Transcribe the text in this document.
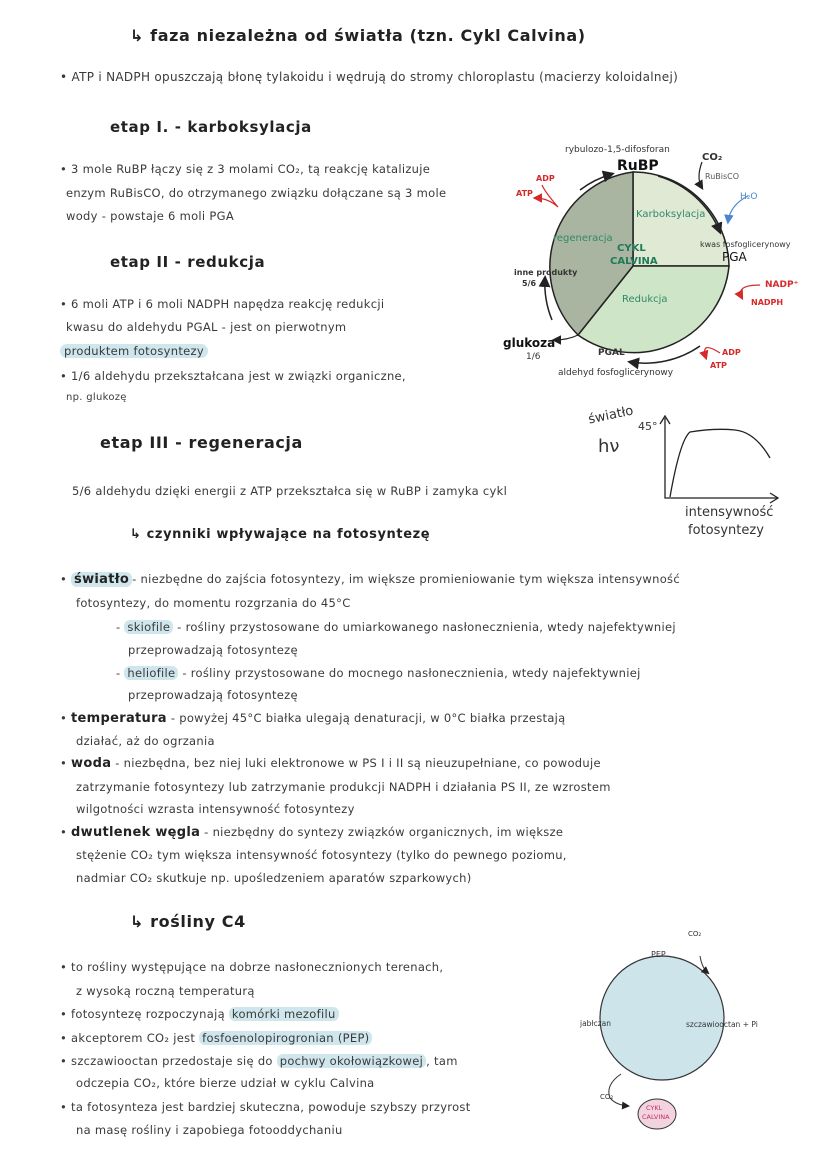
↳ faza niezależna od światła (tzn. Cykl Calvina)
• ATP i NADPH opuszczają błonę tylakoidu i wędrują do stromy chloroplastu (macierzy koloidalnej)
etap I. - karboksylacja
• 3 mole RuBP łączy się z 3 molami CO₂, tą reakcję katalizuje
enzym RuBisCO, do otrzymanego związku dołączane są 3 mole
wody - powstaje 6 moli PGA
etap II - redukcja
• 6 moli ATP i 6 moli NADPH napędza reakcję redukcji
kwasu do aldehydu PGAL - jest on pierwotnym
produktem fotosyntezy
• 1/6 aldehydu przekształcana jest w związki organiczne,
np. glukozę
etap III - regeneracja
5/6 aldehydu dzięki energii z ATP przekształca się w RuBP i zamyka cykl
rybulozo-1,5-difosforan
RuBP
CO₂
RuBisCO
H₂O
ADP
ATP
Karboksylacja
regeneracja
CYKL
CALVINA
kwas fosfoglicerynowy
PGA
NADP⁺
NADPH
inne produkty
5/6
Redukcja
glukoza
1/6	PGAL	ADP
ATP
aldehyd fosfoglicerynowy
światło
hν
45°
intensywność
fotosyntezy
↳ czynniki wpływające na fotosyntezę
• światło - niezbędne do zajścia fotosyntezy, im większe promieniowanie tym większa intensywność
fotosyntezy, do momentu rozgrzania do 45°C
- skiofile - rośliny przystosowane do umiarkowanego nasłonecznienia, wtedy najefektywniej
przeprowadzają fotosyntezę
- heliofile - rośliny przystosowane do mocnego nasłonecznienia, wtedy najefektywniej
przeprowadzają fotosyntezę
• temperatura - powyżej 45°C białka ulegają denaturacji, w 0°C białka przestają
działać, aż do ogrzania
• woda - niezbędna, bez niej luki elektronowe w PS I i II są nieuzupełniane, co powoduje
zatrzymanie fotosyntezy lub zatrzymanie produkcji NADPH i działania PS II, ze wzrostem
wilgotności wzrasta intensywność fotosyntezy
• dwutlenek węgla - niezbędny do syntezy związków organicznych, im większe
stężenie CO₂ tym większa intensywność fotosyntezy (tylko do pewnego poziomu,
nadmiar CO₂ skutkuje np. upośledzeniem aparatów szparkowych)
↳ rośliny C4
• to rośliny występujące na dobrze nasłonecznionych terenach,
z wysoką roczną temperaturą
• fotosyntezę rozpoczynają komórki mezofilu
• akceptorem CO₂ jest fosfoenolopirogronian (PEP)
• szczawiooctan przedostaje się do pochwy okołowiązkowej , tam
odczepia CO₂, które bierze udział w cyklu Calvina
• ta fotosynteza jest bardziej skuteczna, powoduje szybszy przyrost
na masę rośliny i zapobiega fotooddychaniu
PEP
CO₂
szczawiooctan + Pi
jabłczan
CO₂
CYKL
CALVINA
